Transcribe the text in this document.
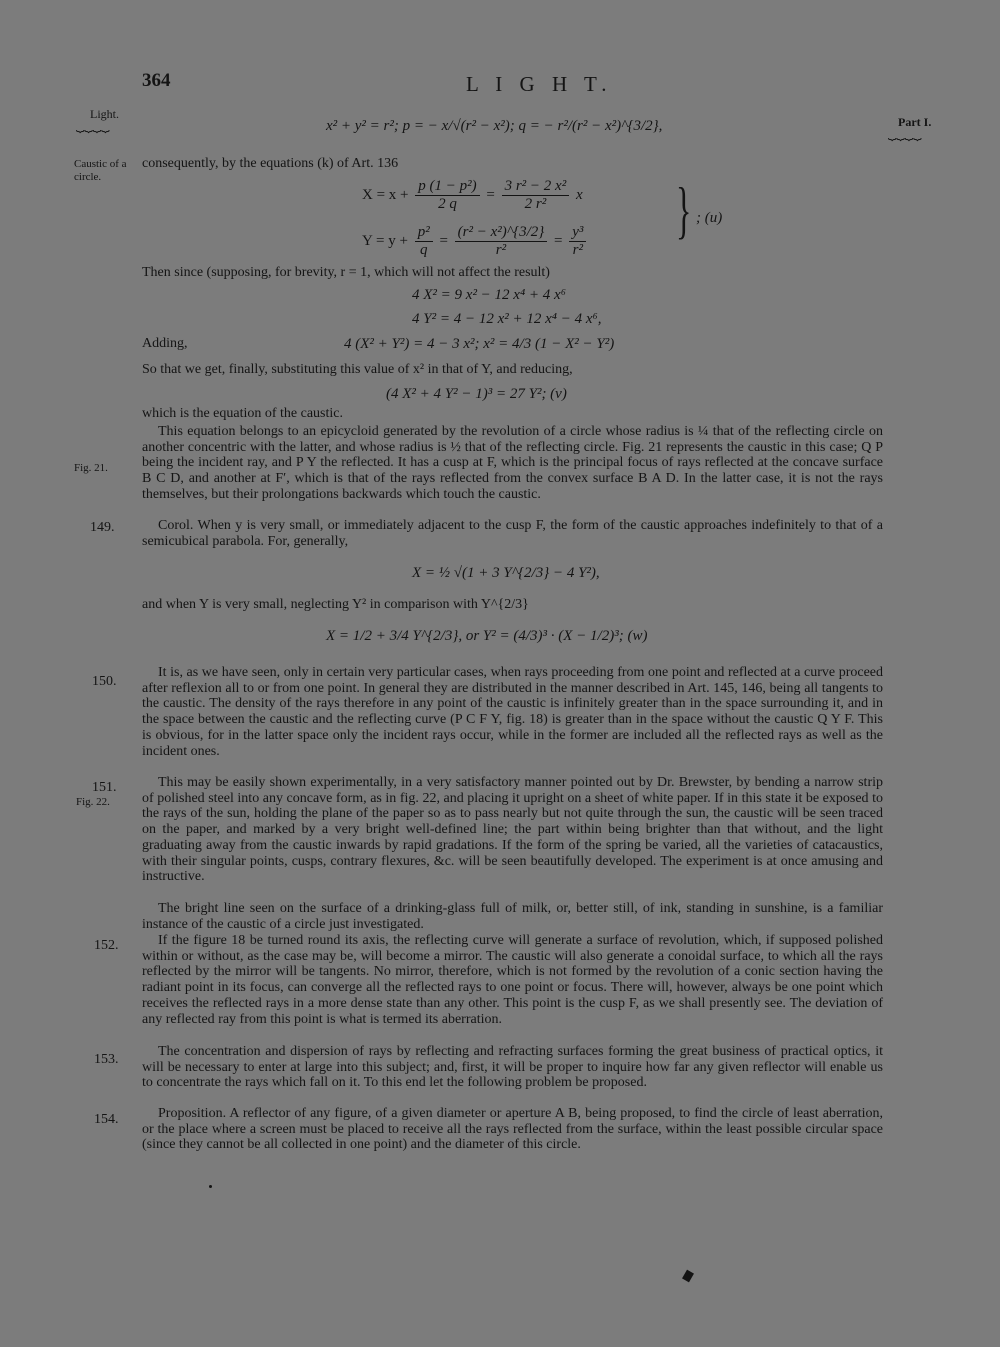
364	L I G H T.
Light.
⏟⏟⏟⏟	Part I.
⏟⏟⏟⏟
Caustic of a circle.
Fig. 21.
Fig. 22.
149.
150.
151.
152.
153.
154.
x² + y² = r²; p = − x/√(r² − x²); q = − r²/(r² − x²)^{3/2},
consequently, by the equations (k) of Art. 136
$X = x + \frac{\text{p (1 − p²)}}{2 q} = \frac{\text{3 r² − 2 x²}}{\text{2 r²}}$ x
$Y = y + \frac{\text{p²}}{q} = \frac{\text{(r² − x²)\textasciicircum{}\{3/2\}}}{\text{r²}} = \frac{\text{y³}}{\text{r²}}$ } ; (u)
Then since (supposing, for brevity, r = 1, which will not affect the result)
4 X² = 9 x² − 12 x⁴ + 4 x⁶
4 Y² = 4 − 12 x² + 12 x⁴ − 4 x⁶,
Adding,	4 (X² + Y²) = 4 − 3 x²; x² = 4/3 (1 − X² − Y²)
So that we get, finally, substituting this value of x² in that of Y, and reducing,
(4 X² + 4 Y² − 1)³ = 27 Y²; (v)
which is the equation of the caustic.
This equation belongs to an epicycloid generated by the revolution of a circle whose radius is ¼ that of the reflecting circle on another concentric with the latter, and whose radius is ½ that of the reflecting circle. Fig. 21 represents the caustic in this case; Q P being the incident ray, and P Y the reflected. It has a cusp at F, which is the principal focus of rays reflected at the concave surface B C D, and another at F′, which is that of the rays reflected from the convex surface B A D. In the latter case, it is not the rays themselves, but their prolongations backwards which touch the caustic.
Corol. When y is very small, or immediately adjacent to the cusp F, the form of the caustic approaches indefinitely to that of a semicubical parabola. For, generally,
X = ½ √(1 + 3 Y^{2/3} − 4 Y²),
and when Y is very small, neglecting Y² in comparison with Y^{2/3}
X = 1/2 + 3/4 Y^{2/3}, or Y² = (4/3)³ · (X − 1/2)³; (w)
It is, as we have seen, only in certain very particular cases, when rays proceeding from one point and reflected at a curve proceed after reflexion all to or from one point. In general they are distributed in the manner described in Art. 145, 146, being all tangents to the caustic. The density of the rays therefore in any point of the caustic is infinitely greater than in the space surrounding it, and in the space between the caustic and the reflecting curve (P C F Y, fig. 18) is greater than in the space without the caustic Q Y F. This is obvious, for in the latter space only the incident rays occur, while in the former are included all the reflected rays as well as the incident ones.
This may be easily shown experimentally, in a very satisfactory manner pointed out by Dr. Brewster, by bending a narrow strip of polished steel into any concave form, as in fig. 22, and placing it upright on a sheet of white paper. If in this state it be exposed to the rays of the sun, holding the plane of the paper so as to pass nearly but not quite through the sun, the caustic will be seen traced on the paper, and marked by a very bright well-defined line; the part within being brighter than that without, and the light graduating away from the caustic inwards by rapid gradations. If the form of the spring be varied, all the varieties of catacaustics, with their singular points, cusps, contrary flexures, &c. will be seen beautifully developed. The experiment is at once amusing and instructive.
The bright line seen on the surface of a drinking-glass full of milk, or, better still, of ink, standing in sunshine, is a familiar instance of the caustic of a circle just investigated.
If the figure 18 be turned round its axis, the reflecting curve will generate a surface of revolution, which, if supposed polished within or without, as the case may be, will become a mirror. The caustic will also generate a conoidal surface, to which all the rays reflected by the mirror will be tangents. No mirror, therefore, which is not formed by the revolution of a conic section having the radiant point in its focus, can converge all the reflected rays to one point or focus. There will, however, always be one point which receives the reflected rays in a more dense state than any other. This point is the cusp F, as we shall presently see. The deviation of any reflected ray from this point is what is termed its aberration.
The concentration and dispersion of rays by reflecting and refracting surfaces forming the great business of practical optics, it will be necessary to enter at large into this subject; and, first, it will be proper to inquire how far any given reflector will enable us to concentrate the rays which fall on it. To this end let the following problem be proposed.
Proposition. A reflector of any figure, of a given diameter or aperture A B, being proposed, to find the circle of least aberration, or the place where a screen must be placed to receive all the rays reflected from the surface, within the least possible circular space (since they cannot be all collected in one point) and the diameter of this circle.
